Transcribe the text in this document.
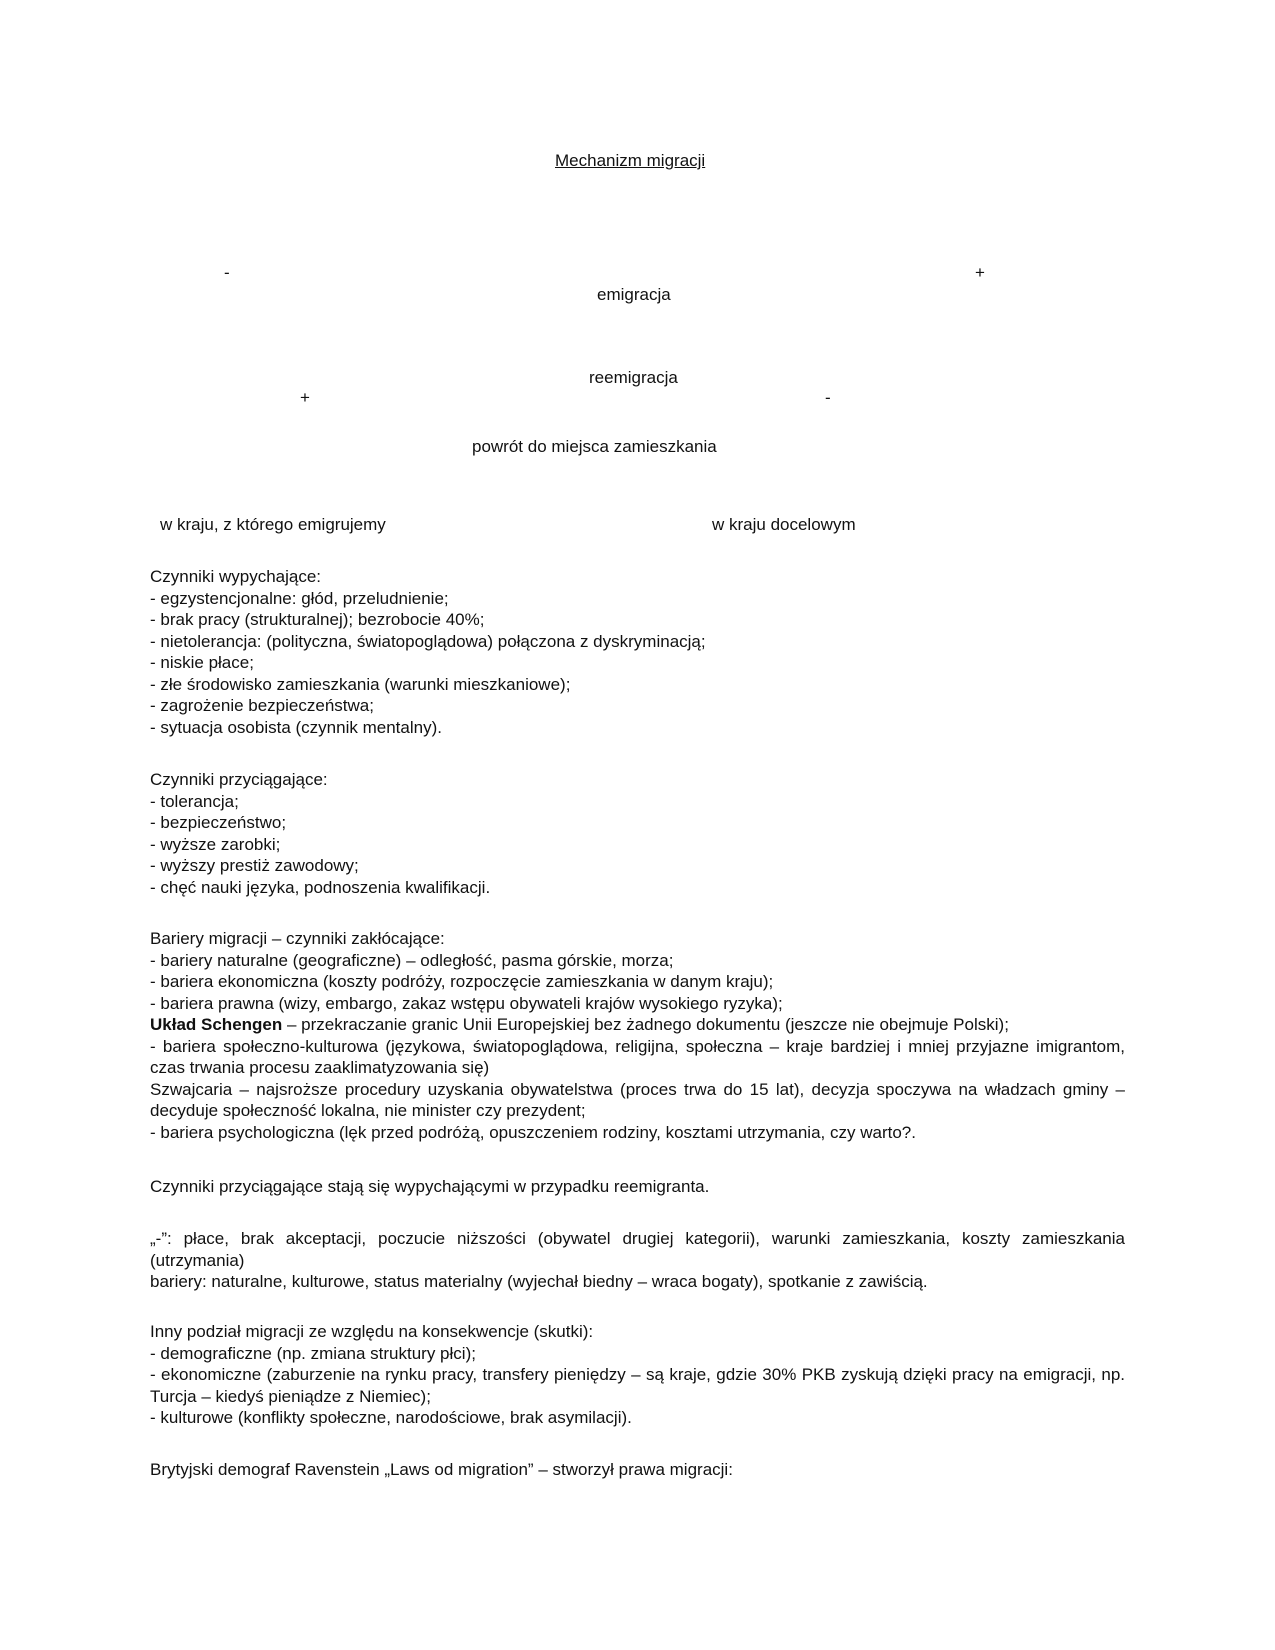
Mechanizm migracji
-	+
emigracja
reemigracja
+	-
powrót do miejsca zamieszkania
w kraju, z którego emigrujemy	w kraju docelowym
Czynniki wypychające:
- egzystencjonalne: głód, przeludnienie;
- brak pracy (strukturalnej); bezrobocie 40%;
- nietolerancja: (polityczna, światopoglądowa) połączona z dyskryminacją;
- niskie płace;
- złe środowisko zamieszkania (warunki mieszkaniowe);
- zagrożenie bezpieczeństwa;
- sytuacja osobista (czynnik mentalny).
Czynniki przyciągające:
- tolerancja;
- bezpieczeństwo;
- wyższe zarobki;
- wyższy prestiż zawodowy;
- chęć nauki języka, podnoszenia kwalifikacji.
Bariery migracji – czynniki zakłócające:
- bariery naturalne (geograficzne) – odległość, pasma górskie, morza;
- bariera ekonomiczna (koszty podróży, rozpoczęcie zamieszkania w danym kraju);
- bariera prawna (wizy, embargo, zakaz wstępu obywateli krajów wysokiego ryzyka);
Układ Schengen – przekraczanie granic Unii Europejskiej bez żadnego dokumentu (jeszcze nie obejmuje Polski);
- bariera społeczno-kulturowa (językowa, światopoglądowa, religijna, społeczna – kraje bardziej i mniej przyjazne imigrantom, czas trwania procesu zaaklimatyzowania się)
Szwajcaria – najsroższe procedury uzyskania obywatelstwa (proces trwa do 15 lat), decyzja spoczywa na władzach gminy – decyduje społeczność lokalna, nie minister czy prezydent;
- bariera psychologiczna (lęk przed podróżą, opuszczeniem rodziny, kosztami utrzymania, czy warto?.
Czynniki przyciągające stają się wypychającymi w przypadku reemigranta.
„-”: płace, brak akceptacji, poczucie niższości (obywatel drugiej kategorii), warunki zamieszkania, koszty zamieszkania (utrzymania)
bariery: naturalne, kulturowe, status materialny (wyjechał biedny – wraca bogaty), spotkanie z zawiścią.
Inny podział migracji ze względu na konsekwencje (skutki):
- demograficzne (np. zmiana struktury płci);
- ekonomiczne (zaburzenie na rynku pracy, transfery pieniędzy – są kraje, gdzie 30% PKB zyskują dzięki pracy na emigracji, np. Turcja – kiedyś pieniądze z Niemiec);
- kulturowe (konflikty społeczne, narodościowe, brak asymilacji).
Brytyjski demograf Ravenstein „Laws od migration” – stworzył prawa migracji:
